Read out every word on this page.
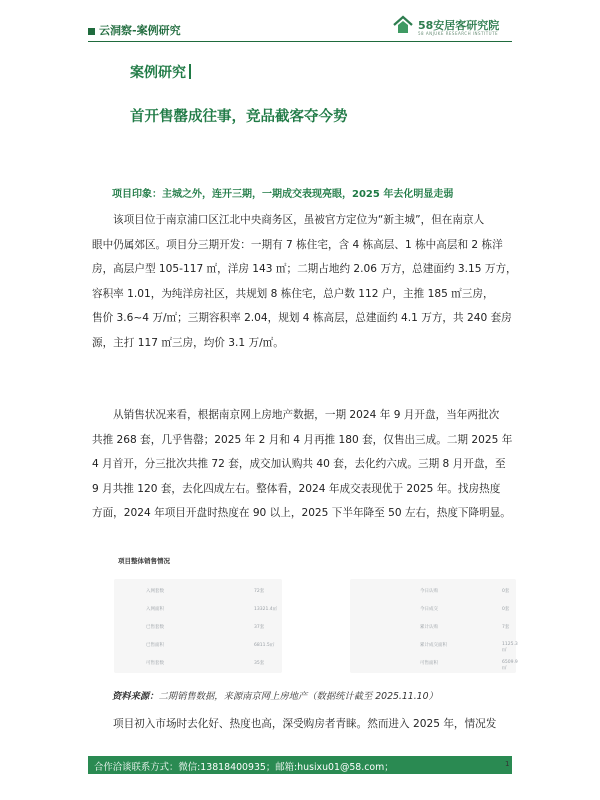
云洞察-案例研究	58安居客研究院
58 ANJUKE RESEARCH INSTITUTE
案例研究
首开售罄成往事，竞品截客夺今势
项目印象：主城之外，连开三期，一期成交表现亮眼，2025 年去化明显走弱
该项目位于南京浦口区江北中央商务区，虽被官方定位为“新主城”，但在南京人
眼中仍属郊区。项目分三期开发：一期有 7 栋住宅，含 4 栋高层、1 栋中高层和 2 栋洋
房，高层户型 105-117 ㎡，洋房 143 ㎡；二期占地约 2.06 万方，总建面约 3.15 万方，
容积率 1.01，为纯洋房社区，共规划 8 栋住宅，总户数 112 户，主推 185 ㎡三房，
售价 3.6~4 万/㎡；三期容积率 2.04，规划 4 栋高层，总建面约 4.1 万方，共 240 套房
源，主打 117 ㎡三房，均价 3.1 万/㎡。
从销售状况来看，根据南京网上房地产数据，一期 2024 年 9 月开盘，当年两批次
共推 268 套，几乎售罄；2025 年 2 月和 4 月再推 180 套，仅售出三成。二期 2025 年
4 月首开，分三批次共推 72 套，成交加认购共 40 套，去化约六成。三期 8 月开盘，至
9 月共推 120 套，去化四成左右。整体看，2024 年成交表现优于 2025 年。找房热度
方面，2024 年项目开盘时热度在 90 以上，2025 下半年降至 50 左右，热度下降明显。
项目整体销售情况
入网套数	72套
入网面积	13321.4㎡
已售套数	37套
已售面积	6811.5㎡
可售套数	35套
今日认购	0套
今日成交	0套
累计认购	7套
累计成交面积	1125.3㎡
可售面积	6509.9㎡
资料来源：二期销售数据，来源南京网上房地产（数据统计截至 2025.11.10）
项目初入市场时去化好、热度也高，深受购房者青睐。然而进入 2025 年，情况发
合作洽谈联系方式：微信:13818400935；邮箱:husixu01@58.com；	1
